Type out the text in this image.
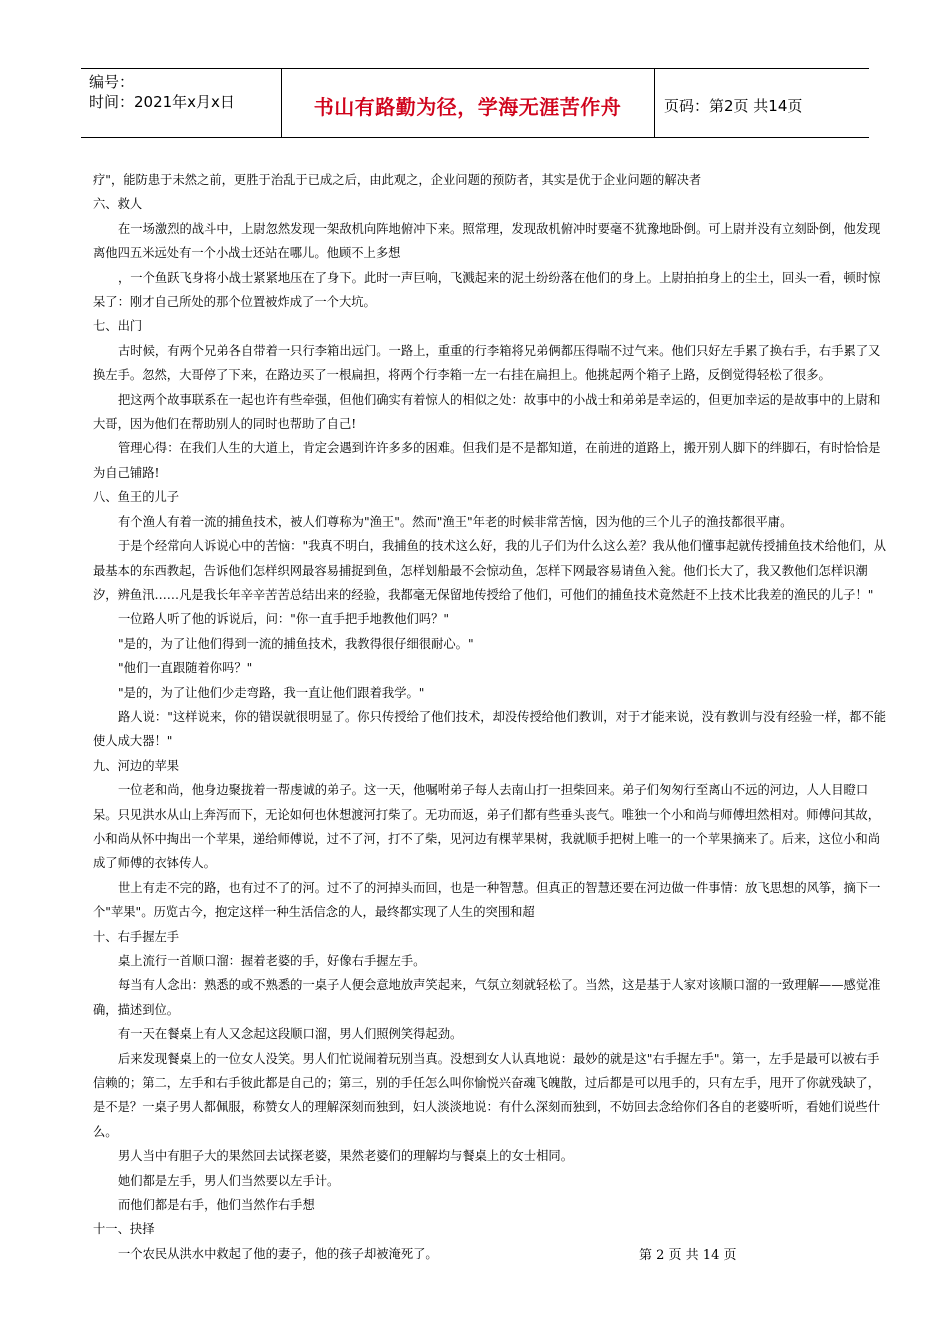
编号：
时间：2021年x月x日	书山有路勤为径，学海无涯苦作舟	页码：第2页 共14页

疗"，能防患于未然之前，更胜于治乱于已成之后，由此观之，企业问题的预防者，其实是优于企业问题的解决者

六、救人

在一场激烈的战斗中，上尉忽然发现一架敌机向阵地俯冲下来。照常理，发现敌机俯冲时要毫不犹豫地卧倒。可上尉并没有立刻卧倒，他发现离他四五米远处有一个小战士还站在哪儿。他顾不上多想

，一个鱼跃飞身将小战士紧紧地压在了身下。此时一声巨响，飞溅起来的泥土纷纷落在他们的身上。上尉拍拍身上的尘土，回头一看，顿时惊呆了：刚才自己所处的那个位置被炸成了一个大坑。

七、出门

古时候，有两个兄弟各自带着一只行李箱出远门。一路上，重重的行李箱将兄弟俩都压得喘不过气来。他们只好左手累了换右手，右手累了又换左手。忽然，大哥停了下来，在路边买了一根扁担，将两个行李箱一左一右挂在扁担上。他挑起两个箱子上路，反倒觉得轻松了很多。

把这两个故事联系在一起也许有些牵强，但他们确实有着惊人的相似之处：故事中的小战士和弟弟是幸运的，但更加幸运的是故事中的上尉和大哥，因为他们在帮助别人的同时也帮助了自己!

管理心得：在我们人生的大道上，肯定会遇到许许多多的困难。但我们是不是都知道，在前进的道路上，搬开别人脚下的绊脚石，有时恰恰是为自己铺路!

八、鱼王的儿子

有个渔人有着一流的捕鱼技术，被人们尊称为"渔王"。然而"渔王"年老的时候非常苦恼，因为他的三个儿子的渔技都很平庸。

于是个经常向人诉说心中的苦恼："我真不明白，我捕鱼的技术这么好，我的儿子们为什么这么差？我从他们懂事起就传授捕鱼技术给他们，从最基本的东西教起，告诉他们怎样织网最容易捕捉到鱼，怎样划船最不会惊动鱼，怎样下网最容易请鱼入瓮。他们长大了，我又教他们怎样识潮汐，辨鱼汛……凡是我长年辛辛苦苦总结出来的经验，我都毫无保留地传授给了他们，可他们的捕鱼技术竟然赶不上技术比我差的渔民的儿子！"

一位路人听了他的诉说后，问："你一直手把手地教他们吗？"

"是的，为了让他们得到一流的捕鱼技术，我教得很仔细很耐心。"

"他们一直跟随着你吗？"

"是的，为了让他们少走弯路，我一直让他们跟着我学。"

路人说："这样说来，你的错误就很明显了。你只传授给了他们技术，却没传授给他们教训，对于才能来说，没有教训与没有经验一样，都不能使人成大器！"

九、河边的苹果

一位老和尚，他身边聚拢着一帮虔诚的弟子。这一天，他嘱咐弟子每人去南山打一担柴回来。弟子们匆匆行至离山不远的河边，人人目瞪口呆。只见洪水从山上奔泻而下，无论如何也休想渡河打柴了。无功而返，弟子们都有些垂头丧气。唯独一个小和尚与师傅坦然相对。师傅问其故，小和尚从怀中掏出一个苹果，递给师傅说，过不了河，打不了柴，见河边有棵苹果树，我就顺手把树上唯一的一个苹果摘来了。后来，这位小和尚成了师傅的衣钵传人。

世上有走不完的路，也有过不了的河。过不了的河掉头而回，也是一种智慧。但真正的智慧还要在河边做一件事情：放飞思想的风筝，摘下一个"苹果"。历览古今，抱定这样一种生活信念的人，最终都实现了人生的突围和超

十、右手握左手

桌上流行一首顺口溜：握着老婆的手，好像右手握左手。

每当有人念出：熟悉的或不熟悉的一桌子人便会意地放声笑起来，气氛立刻就轻松了。当然，这是基于人家对该顺口溜的一致理解——感觉准确，描述到位。

有一天在餐桌上有人又念起这段顺口溜，男人们照例笑得起劲。

后来发现餐桌上的一位女人没笑。男人们忙说闹着玩别当真。没想到女人认真地说：最妙的就是这"右手握左手"。第一，左手是最可以被右手信赖的；第二，左手和右手彼此都是自己的；第三，别的手任怎么叫你愉悦兴奋魂飞魄散，过后都是可以甩手的，只有左手，甩开了你就残缺了，是不是？一桌子男人都佩服，称赞女人的理解深刻而独到，妇人淡淡地说：有什么深刻而独到，不妨回去念给你们各自的老婆听听，看她们说些什么。

男人当中有胆子大的果然回去试探老婆，果然老婆们的理解均与餐桌上的女士相同。

她们都是左手，男人们当然要以左手计。

而他们都是右手，他们当然作右手想

十一、抉择

一个农民从洪水中救起了他的妻子，他的孩子却被淹死了。	第 2 页 共 14 页
